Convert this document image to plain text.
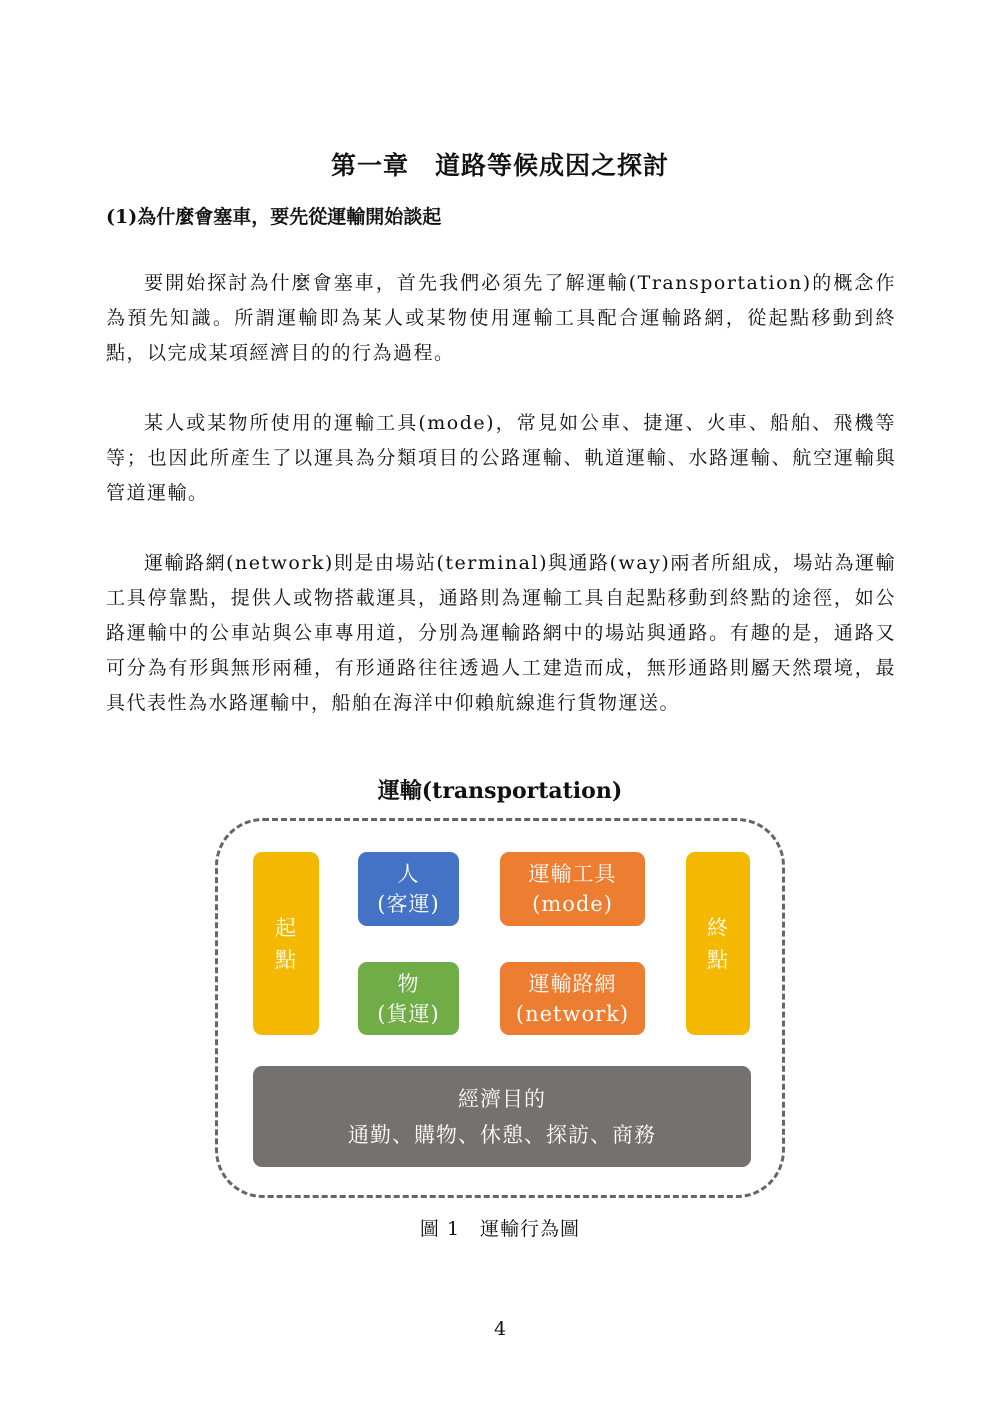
第一章　道路等候成因之探討
(1)為什麼會塞車，要先從運輸開始談起

要開始探討為什麼會塞車，首先我們必須先了解運輸(Transportation)的概念作為預先知識。所謂運輸即為某人或某物使用運輸工具配合運輸路網，從起點移動到終點，以完成某項經濟目的的行為過程。

某人或某物所使用的運輸工具(mode)，常見如公車、捷運、火車、船舶、飛機等等；也因此所產生了以運具為分類項目的公路運輸、軌道運輸、水路運輸、航空運輸與管道運輸。

運輸路網(network)則是由場站(terminal)與通路(way)兩者所組成，場站為運輸工具停靠點，提供人或物搭載運具，通路則為運輸工具自起點移動到終點的途徑，如公路運輸中的公車站與公車專用道，分別為運輸路網中的場站與通路。有趣的是，通路又可分為有形與無形兩種，有形通路往往透過人工建造而成，無形通路則屬天然環境，最具代表性為水路運輸中，船舶在海洋中仰賴航線進行貨物運送。

運輸(transportation)
起
點
人
(客運)
運輸工具
(mode)
終
點
物
(貨運)
運輸路網
(network)
經濟目的
通勤、購物、休憩、探訪、商務
圖 1　運輸行為圖
4
